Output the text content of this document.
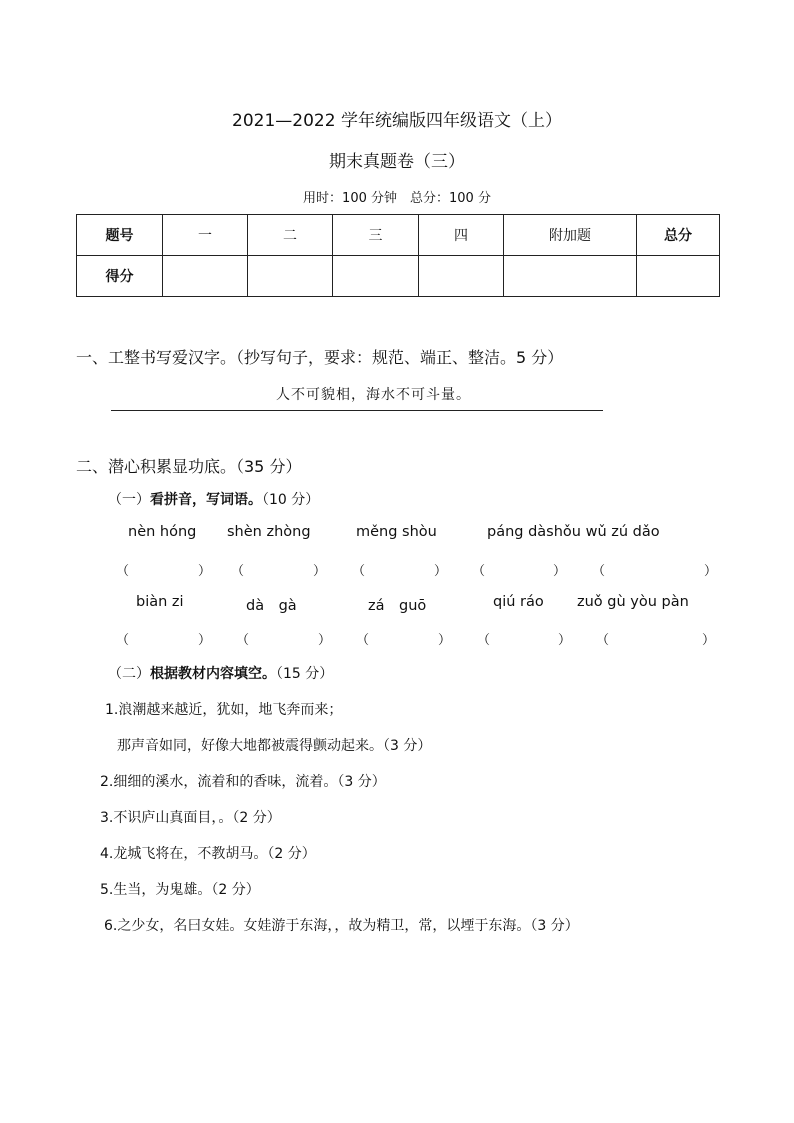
2021—2022 学年统编版四年级语文（上）
期末真题卷（三）
用时：100 分钟　总分：100 分
题号	一	二	三	四	附加题	总分
得分						
一、工整书写爱汉字。（抄写句子，要求：规范、端正、整洁。5 分）
人不可貌相，海水不可斗量。
二、潜心积累显功底。（35 分）
（一）看拼音，写词语。（10 分）
nèn hóng shèn zhòng	měng shòu	páng dàshǒu wǔ zú dǎo
（	） （	） （	） （	） （	）
biàn zi	dà　gà	zá　guō	qiú ráo zuǒ gù yòu pàn
（	） （	） （	） （	） （	）
（二）根据教材内容填空。（15 分）
1.浪潮越来越近，犹如，地飞奔而来；
那声音如同，好像大地都被震得颤动起来。（3 分）
2.细细的溪水，流着和的香味，流着。（3 分）
3.不识庐山真面目，。（2 分）
4.龙城飞将在，不教胡马。（2 分）
5.生当，为鬼雄。（2 分）
6.之少女，名曰女娃。女娃游于东海，，故为精卫，常，以堙于东海。（3 分）
